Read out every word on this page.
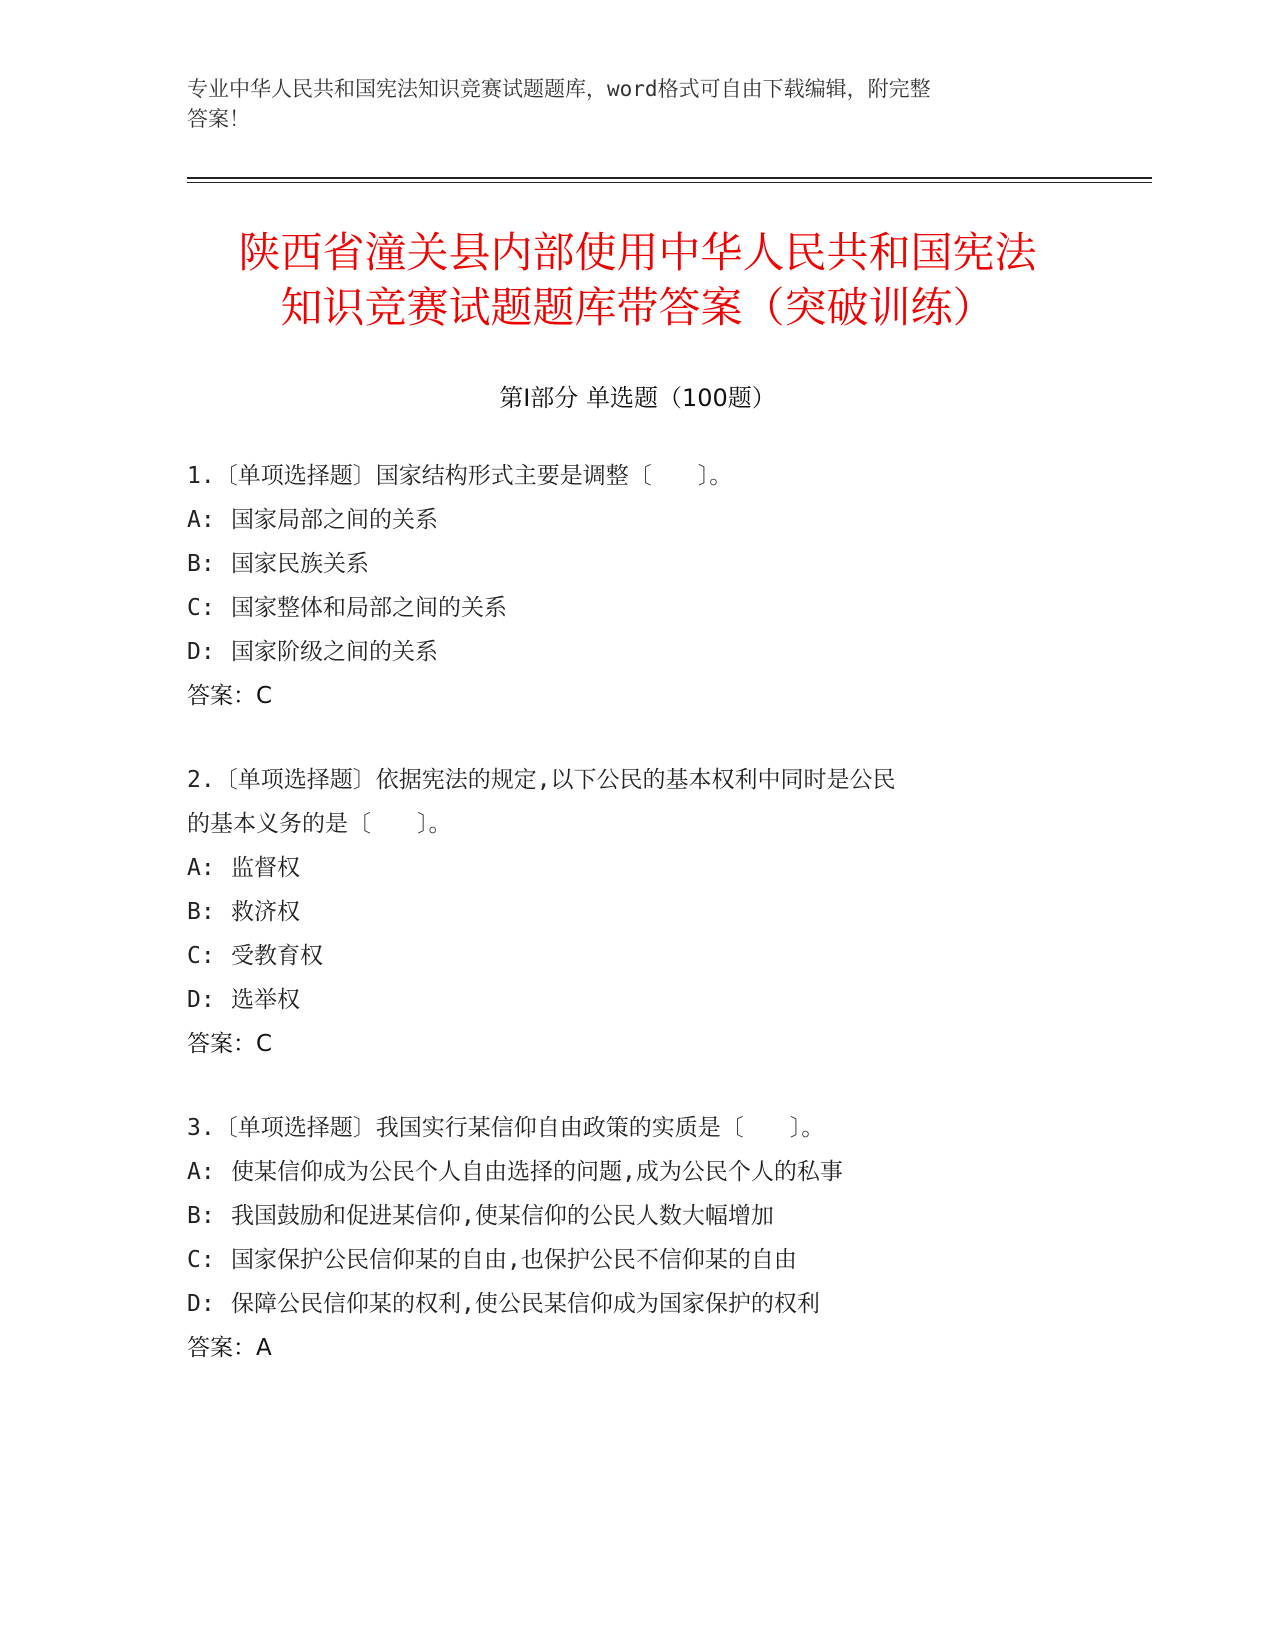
专业中华人民共和国宪法知识竞赛试题题库，word格式可自由下载编辑，附完整
答案！
陕西省潼关县内部使用中华人民共和国宪法
知识竞赛试题题库带答案（突破训练）
第Ⅰ部分 单选题（100题）

1.〔单项选择题〕国家结构形式主要是调整〔　　〕。

A: 国家局部之间的关系

B: 国家民族关系

C: 国家整体和局部之间的关系

D: 国家阶级之间的关系

答案：C

2.〔单项选择题〕依据宪法的规定,以下公民的基本权利中同时是公民

的基本义务的是〔　　〕。

A: 监督权

B: 救济权

C: 受教育权

D: 选举权

答案：C

3.〔单项选择题〕我国实行某信仰自由政策的实质是〔　　〕。

A: 使某信仰成为公民个人自由选择的问题,成为公民个人的私事

B: 我国鼓励和促进某信仰,使某信仰的公民人数大幅增加

C: 国家保护公民信仰某的自由,也保护公民不信仰某的自由

D: 保障公民信仰某的权利,使公民某信仰成为国家保护的权利

答案：A
